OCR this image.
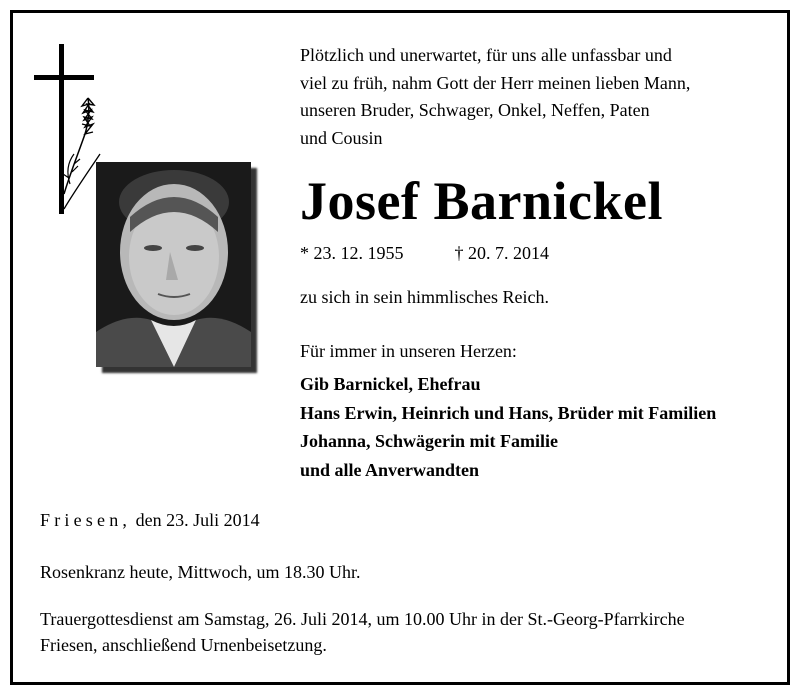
Plötzlich und unerwartet, für uns alle unfassbar und
viel zu früh, nahm Gott der Herr meinen lieben Mann,
unseren Bruder, Schwager, Onkel, Neffen, Paten
und Cousin
Josef Barnickel
* 23. 12. 1955	† 20. 7. 2014
zu sich in sein himmlisches Reich.
Für immer in unseren Herzen:
Gib Barnickel, Ehefrau
Hans Erwin, Heinrich und Hans, Brüder mit Familien
Johanna, Schwägerin mit Familie
und alle Anverwandten
Friesen, den 23. Juli 2014
Rosenkranz heute, Mittwoch, um 18.30 Uhr.
Trauergottesdienst am Samstag, 26. Juli 2014, um 10.00 Uhr in der St.-Georg-Pfarrkirche
Friesen, anschließend Urnenbeisetzung.
